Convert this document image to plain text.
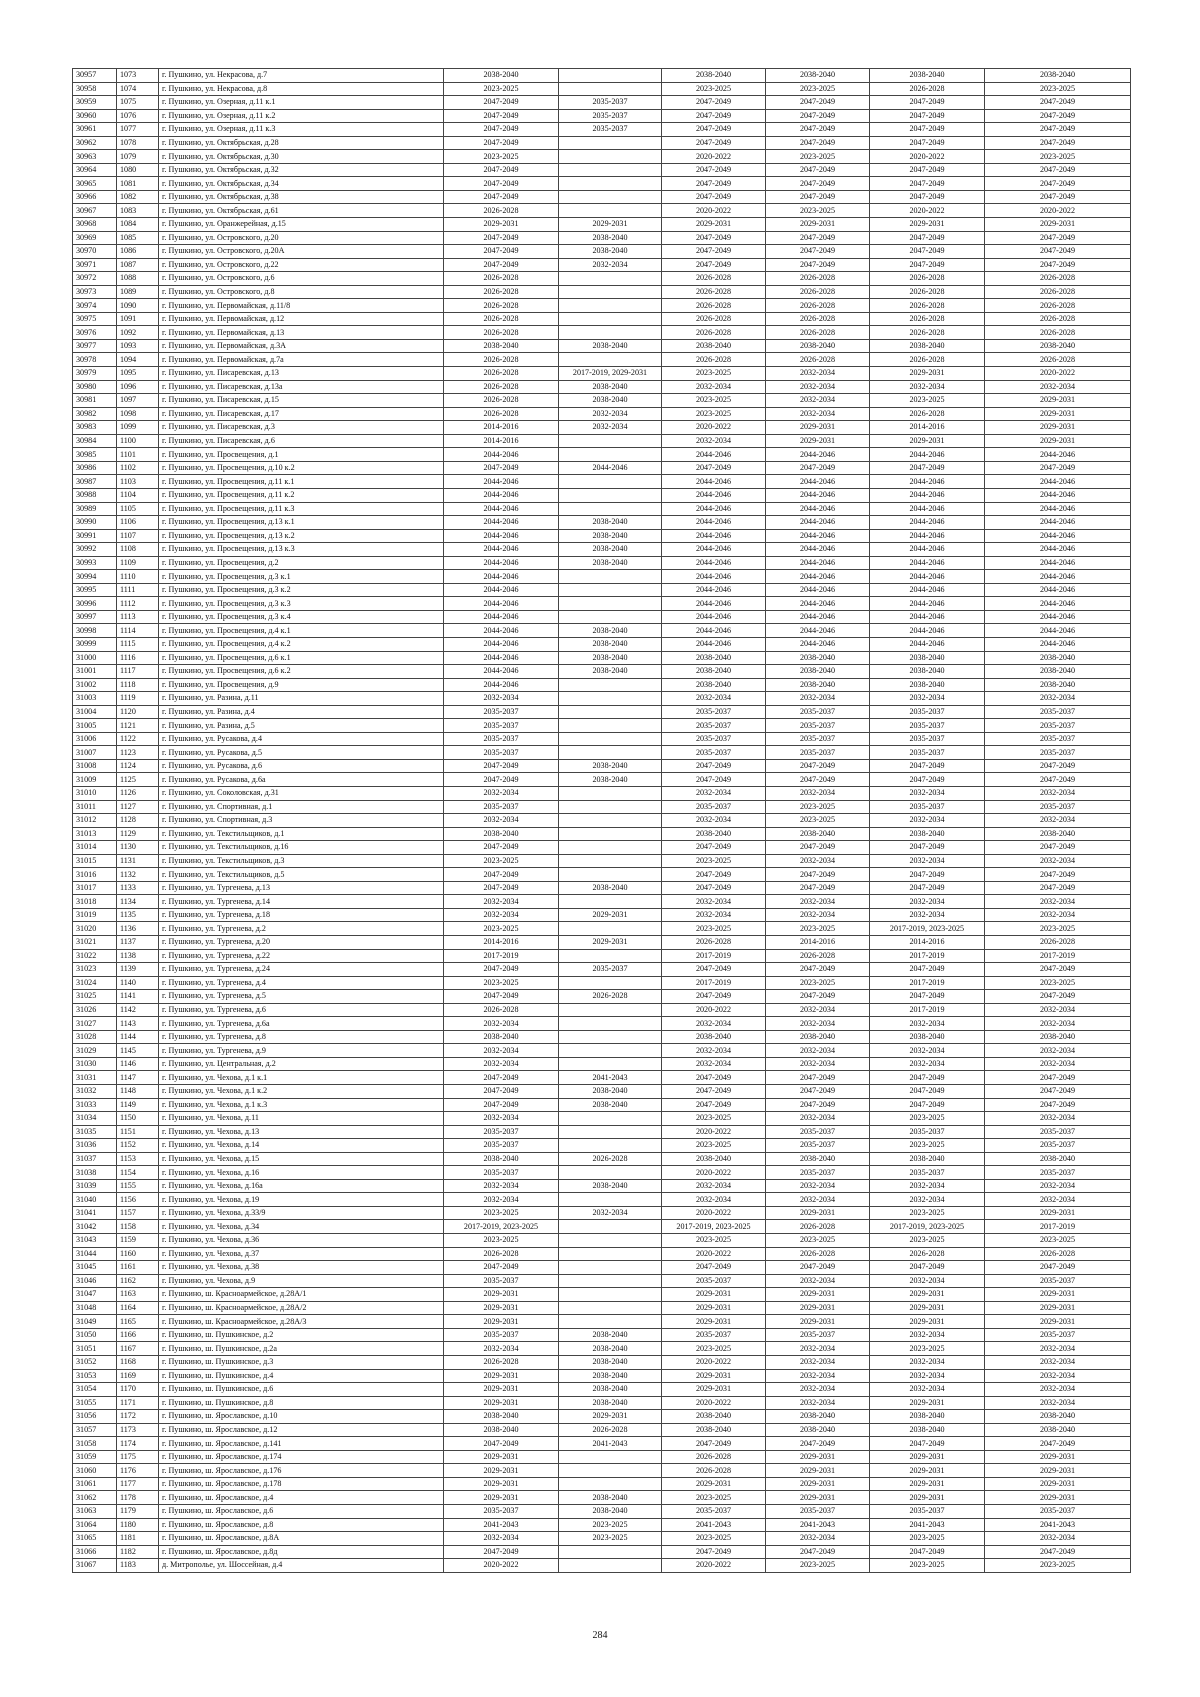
30957	1073	г. Пушкино, ул. Некрасова, д.7	2038-2040		2038-2040	2038-2040	2038-2040	2038-2040
30958	1074	г. Пушкино, ул. Некрасова, д.8	2023-2025		2023-2025	2023-2025	2026-2028	2023-2025
30959	1075	г. Пушкино, ул. Озерная, д.11 к.1	2047-2049	2035-2037	2047-2049	2047-2049	2047-2049	2047-2049
30960	1076	г. Пушкино, ул. Озерная, д.11 к.2	2047-2049	2035-2037	2047-2049	2047-2049	2047-2049	2047-2049
30961	1077	г. Пушкино, ул. Озерная, д.11 к.3	2047-2049	2035-2037	2047-2049	2047-2049	2047-2049	2047-2049
30962	1078	г. Пушкино, ул. Октябрьская, д.28	2047-2049		2047-2049	2047-2049	2047-2049	2047-2049
30963	1079	г. Пушкино, ул. Октябрьская, д.30	2023-2025		2020-2022	2023-2025	2020-2022	2023-2025
30964	1080	г. Пушкино, ул. Октябрьская, д.32	2047-2049		2047-2049	2047-2049	2047-2049	2047-2049
30965	1081	г. Пушкино, ул. Октябрьская, д.34	2047-2049		2047-2049	2047-2049	2047-2049	2047-2049
30966	1082	г. Пушкино, ул. Октябрьская, д.38	2047-2049		2047-2049	2047-2049	2047-2049	2047-2049
30967	1083	г. Пушкино, ул. Октябрьская, д.61	2026-2028		2020-2022	2023-2025	2020-2022	2020-2022
30968	1084	г. Пушкино, ул. Оранжерейная, д.15	2029-2031	2029-2031	2029-2031	2029-2031	2029-2031	2029-2031
30969	1085	г. Пушкино, ул. Островского, д.20	2047-2049	2038-2040	2047-2049	2047-2049	2047-2049	2047-2049
30970	1086	г. Пушкино, ул. Островского, д.20А	2047-2049	2038-2040	2047-2049	2047-2049	2047-2049	2047-2049
30971	1087	г. Пушкино, ул. Островского, д.22	2047-2049	2032-2034	2047-2049	2047-2049	2047-2049	2047-2049
30972	1088	г. Пушкино, ул. Островского, д.6	2026-2028		2026-2028	2026-2028	2026-2028	2026-2028
30973	1089	г. Пушкино, ул. Островского, д.8	2026-2028		2026-2028	2026-2028	2026-2028	2026-2028
30974	1090	г. Пушкино, ул. Первомайская, д.11/8	2026-2028		2026-2028	2026-2028	2026-2028	2026-2028
30975	1091	г. Пушкино, ул. Первомайская, д.12	2026-2028		2026-2028	2026-2028	2026-2028	2026-2028
30976	1092	г. Пушкино, ул. Первомайская, д.13	2026-2028		2026-2028	2026-2028	2026-2028	2026-2028
30977	1093	г. Пушкино, ул. Первомайская, д.3А	2038-2040	2038-2040	2038-2040	2038-2040	2038-2040	2038-2040
30978	1094	г. Пушкино, ул. Первомайская, д.7а	2026-2028		2026-2028	2026-2028	2026-2028	2026-2028
30979	1095	г. Пушкино, ул. Писаревская, д.13	2026-2028	2017-2019, 2029-2031	2023-2025	2032-2034	2029-2031	2020-2022
30980	1096	г. Пушкино, ул. Писаревская, д.13а	2026-2028	2038-2040	2032-2034	2032-2034	2032-2034	2032-2034
30981	1097	г. Пушкино, ул. Писаревская, д.15	2026-2028	2038-2040	2023-2025	2032-2034	2023-2025	2029-2031
30982	1098	г. Пушкино, ул. Писаревская, д.17	2026-2028	2032-2034	2023-2025	2032-2034	2026-2028	2029-2031
30983	1099	г. Пушкино, ул. Писаревская, д.3	2014-2016	2032-2034	2020-2022	2029-2031	2014-2016	2029-2031
30984	1100	г. Пушкино, ул. Писаревская, д.6	2014-2016		2032-2034	2029-2031	2029-2031	2029-2031
30985	1101	г. Пушкино, ул. Просвещения, д.1	2044-2046		2044-2046	2044-2046	2044-2046	2044-2046
30986	1102	г. Пушкино, ул. Просвещения, д.10 к.2	2047-2049	2044-2046	2047-2049	2047-2049	2047-2049	2047-2049
30987	1103	г. Пушкино, ул. Просвещения, д.11 к.1	2044-2046		2044-2046	2044-2046	2044-2046	2044-2046
30988	1104	г. Пушкино, ул. Просвещения, д.11 к.2	2044-2046		2044-2046	2044-2046	2044-2046	2044-2046
30989	1105	г. Пушкино, ул. Просвещения, д.11 к.3	2044-2046		2044-2046	2044-2046	2044-2046	2044-2046
30990	1106	г. Пушкино, ул. Просвещения, д.13 к.1	2044-2046	2038-2040	2044-2046	2044-2046	2044-2046	2044-2046
30991	1107	г. Пушкино, ул. Просвещения, д.13 к.2	2044-2046	2038-2040	2044-2046	2044-2046	2044-2046	2044-2046
30992	1108	г. Пушкино, ул. Просвещения, д.13 к.3	2044-2046	2038-2040	2044-2046	2044-2046	2044-2046	2044-2046
30993	1109	г. Пушкино, ул. Просвещения, д.2	2044-2046	2038-2040	2044-2046	2044-2046	2044-2046	2044-2046
30994	1110	г. Пушкино, ул. Просвещения, д.3 к.1	2044-2046		2044-2046	2044-2046	2044-2046	2044-2046
30995	1111	г. Пушкино, ул. Просвещения, д.3 к.2	2044-2046		2044-2046	2044-2046	2044-2046	2044-2046
30996	1112	г. Пушкино, ул. Просвещения, д.3 к.3	2044-2046		2044-2046	2044-2046	2044-2046	2044-2046
30997	1113	г. Пушкино, ул. Просвещения, д.3 к.4	2044-2046		2044-2046	2044-2046	2044-2046	2044-2046
30998	1114	г. Пушкино, ул. Просвещения, д.4 к.1	2044-2046	2038-2040	2044-2046	2044-2046	2044-2046	2044-2046
30999	1115	г. Пушкино, ул. Просвещения, д.4 к.2	2044-2046	2038-2040	2044-2046	2044-2046	2044-2046	2044-2046
31000	1116	г. Пушкино, ул. Просвещения, д.6 к.1	2044-2046	2038-2040	2038-2040	2038-2040	2038-2040	2038-2040
31001	1117	г. Пушкино, ул. Просвещения, д.6 к.2	2044-2046	2038-2040	2038-2040	2038-2040	2038-2040	2038-2040
31002	1118	г. Пушкино, ул. Просвещения, д.9	2044-2046		2038-2040	2038-2040	2038-2040	2038-2040
31003	1119	г. Пушкино, ул. Разина, д.11	2032-2034		2032-2034	2032-2034	2032-2034	2032-2034
31004	1120	г. Пушкино, ул. Разина, д.4	2035-2037		2035-2037	2035-2037	2035-2037	2035-2037
31005	1121	г. Пушкино, ул. Разина, д.5	2035-2037		2035-2037	2035-2037	2035-2037	2035-2037
31006	1122	г. Пушкино, ул. Русакова, д.4	2035-2037		2035-2037	2035-2037	2035-2037	2035-2037
31007	1123	г. Пушкино, ул. Русакова, д.5	2035-2037		2035-2037	2035-2037	2035-2037	2035-2037
31008	1124	г. Пушкино, ул. Русакова, д.6	2047-2049	2038-2040	2047-2049	2047-2049	2047-2049	2047-2049
31009	1125	г. Пушкино, ул. Русакова, д.6а	2047-2049	2038-2040	2047-2049	2047-2049	2047-2049	2047-2049
31010	1126	г. Пушкино, ул. Соколовская, д.31	2032-2034		2032-2034	2032-2034	2032-2034	2032-2034
31011	1127	г. Пушкино, ул. Спортивная, д.1	2035-2037		2035-2037	2023-2025	2035-2037	2035-2037
31012	1128	г. Пушкино, ул. Спортивная, д.3	2032-2034		2032-2034	2023-2025	2032-2034	2032-2034
31013	1129	г. Пушкино, ул. Текстильщиков, д.1	2038-2040		2038-2040	2038-2040	2038-2040	2038-2040
31014	1130	г. Пушкино, ул. Текстильщиков, д.16	2047-2049		2047-2049	2047-2049	2047-2049	2047-2049
31015	1131	г. Пушкино, ул. Текстильщиков, д.3	2023-2025		2023-2025	2032-2034	2032-2034	2032-2034
31016	1132	г. Пушкино, ул. Текстильщиков, д.5	2047-2049		2047-2049	2047-2049	2047-2049	2047-2049
31017	1133	г. Пушкино, ул. Тургенева, д.13	2047-2049	2038-2040	2047-2049	2047-2049	2047-2049	2047-2049
31018	1134	г. Пушкино, ул. Тургенева, д.14	2032-2034		2032-2034	2032-2034	2032-2034	2032-2034
31019	1135	г. Пушкино, ул. Тургенева, д.18	2032-2034	2029-2031	2032-2034	2032-2034	2032-2034	2032-2034
31020	1136	г. Пушкино, ул. Тургенева, д.2	2023-2025		2023-2025	2023-2025	2017-2019, 2023-2025	2023-2025
31021	1137	г. Пушкино, ул. Тургенева, д.20	2014-2016	2029-2031	2026-2028	2014-2016	2014-2016	2026-2028
31022	1138	г. Пушкино, ул. Тургенева, д.22	2017-2019		2017-2019	2026-2028	2017-2019	2017-2019
31023	1139	г. Пушкино, ул. Тургенева, д.24	2047-2049	2035-2037	2047-2049	2047-2049	2047-2049	2047-2049
31024	1140	г. Пушкино, ул. Тургенева, д.4	2023-2025		2017-2019	2023-2025	2017-2019	2023-2025
31025	1141	г. Пушкино, ул. Тургенева, д.5	2047-2049	2026-2028	2047-2049	2047-2049	2047-2049	2047-2049
31026	1142	г. Пушкино, ул. Тургенева, д.6	2026-2028		2020-2022	2032-2034	2017-2019	2032-2034
31027	1143	г. Пушкино, ул. Тургенева, д.6а	2032-2034		2032-2034	2032-2034	2032-2034	2032-2034
31028	1144	г. Пушкино, ул. Тургенева, д.8	2038-2040		2038-2040	2038-2040	2038-2040	2038-2040
31029	1145	г. Пушкино, ул. Тургенева, д.9	2032-2034		2032-2034	2032-2034	2032-2034	2032-2034
31030	1146	г. Пушкино, ул. Центральная, д.2	2032-2034		2032-2034	2032-2034	2032-2034	2032-2034
31031	1147	г. Пушкино, ул. Чехова, д.1 к.1	2047-2049	2041-2043	2047-2049	2047-2049	2047-2049	2047-2049
31032	1148	г. Пушкино, ул. Чехова, д.1 к.2	2047-2049	2038-2040	2047-2049	2047-2049	2047-2049	2047-2049
31033	1149	г. Пушкино, ул. Чехова, д.1 к.3	2047-2049	2038-2040	2047-2049	2047-2049	2047-2049	2047-2049
31034	1150	г. Пушкино, ул. Чехова, д.11	2032-2034		2023-2025	2032-2034	2023-2025	2032-2034
31035	1151	г. Пушкино, ул. Чехова, д.13	2035-2037		2020-2022	2035-2037	2035-2037	2035-2037
31036	1152	г. Пушкино, ул. Чехова, д.14	2035-2037		2023-2025	2035-2037	2023-2025	2035-2037
31037	1153	г. Пушкино, ул. Чехова, д.15	2038-2040	2026-2028	2038-2040	2038-2040	2038-2040	2038-2040
31038	1154	г. Пушкино, ул. Чехова, д.16	2035-2037		2020-2022	2035-2037	2035-2037	2035-2037
31039	1155	г. Пушкино, ул. Чехова, д.16а	2032-2034	2038-2040	2032-2034	2032-2034	2032-2034	2032-2034
31040	1156	г. Пушкино, ул. Чехова, д.19	2032-2034		2032-2034	2032-2034	2032-2034	2032-2034
31041	1157	г. Пушкино, ул. Чехова, д.33/9	2023-2025	2032-2034	2020-2022	2029-2031	2023-2025	2029-2031
31042	1158	г. Пушкино, ул. Чехова, д.34	2017-2019, 2023-2025		2017-2019, 2023-2025	2026-2028	2017-2019, 2023-2025	2017-2019
31043	1159	г. Пушкино, ул. Чехова, д.36	2023-2025		2023-2025	2023-2025	2023-2025	2023-2025
31044	1160	г. Пушкино, ул. Чехова, д.37	2026-2028		2020-2022	2026-2028	2026-2028	2026-2028
31045	1161	г. Пушкино, ул. Чехова, д.38	2047-2049		2047-2049	2047-2049	2047-2049	2047-2049
31046	1162	г. Пушкино, ул. Чехова, д.9	2035-2037		2035-2037	2032-2034	2032-2034	2035-2037
31047	1163	г. Пушкино, ш. Красноармейское, д.28А/1	2029-2031		2029-2031	2029-2031	2029-2031	2029-2031
31048	1164	г. Пушкино, ш. Красноармейское, д.28А/2	2029-2031		2029-2031	2029-2031	2029-2031	2029-2031
31049	1165	г. Пушкино, ш. Красноармейское, д.28А/3	2029-2031		2029-2031	2029-2031	2029-2031	2029-2031
31050	1166	г. Пушкино, ш. Пушкинское, д.2	2035-2037	2038-2040	2035-2037	2035-2037	2032-2034	2035-2037
31051	1167	г. Пушкино, ш. Пушкинское, д.2а	2032-2034	2038-2040	2023-2025	2032-2034	2023-2025	2032-2034
31052	1168	г. Пушкино, ш. Пушкинское, д.3	2026-2028	2038-2040	2020-2022	2032-2034	2032-2034	2032-2034
31053	1169	г. Пушкино, ш. Пушкинское, д.4	2029-2031	2038-2040	2029-2031	2032-2034	2032-2034	2032-2034
31054	1170	г. Пушкино, ш. Пушкинское, д.6	2029-2031	2038-2040	2029-2031	2032-2034	2032-2034	2032-2034
31055	1171	г. Пушкино, ш. Пушкинское, д.8	2029-2031	2038-2040	2020-2022	2032-2034	2029-2031	2032-2034
31056	1172	г. Пушкино, ш. Ярославское, д.10	2038-2040	2029-2031	2038-2040	2038-2040	2038-2040	2038-2040
31057	1173	г. Пушкино, ш. Ярославское, д.12	2038-2040	2026-2028	2038-2040	2038-2040	2038-2040	2038-2040
31058	1174	г. Пушкино, ш. Ярославское, д.141	2047-2049	2041-2043	2047-2049	2047-2049	2047-2049	2047-2049
31059	1175	г. Пушкино, ш. Ярославское, д.174	2029-2031		2026-2028	2029-2031	2029-2031	2029-2031
31060	1176	г. Пушкино, ш. Ярославское, д.176	2029-2031		2026-2028	2029-2031	2029-2031	2029-2031
31061	1177	г. Пушкино, ш. Ярославское, д.178	2029-2031		2029-2031	2029-2031	2029-2031	2029-2031
31062	1178	г. Пушкино, ш. Ярославское, д.4	2029-2031	2038-2040	2023-2025	2029-2031	2029-2031	2029-2031
31063	1179	г. Пушкино, ш. Ярославское, д.6	2035-2037	2038-2040	2035-2037	2035-2037	2035-2037	2035-2037
31064	1180	г. Пушкино, ш. Ярославское, д.8	2041-2043	2023-2025	2041-2043	2041-2043	2041-2043	2041-2043
31065	1181	г. Пушкино, ш. Ярославское, д.8А	2032-2034	2023-2025	2023-2025	2032-2034	2023-2025	2032-2034
31066	1182	г. Пушкино, ш. Ярославское, д.8д	2047-2049		2047-2049	2047-2049	2047-2049	2047-2049
31067	1183	д. Митрополье, ул. Шоссейная, д.4	2020-2022		2020-2022	2023-2025	2023-2025	2023-2025
284
